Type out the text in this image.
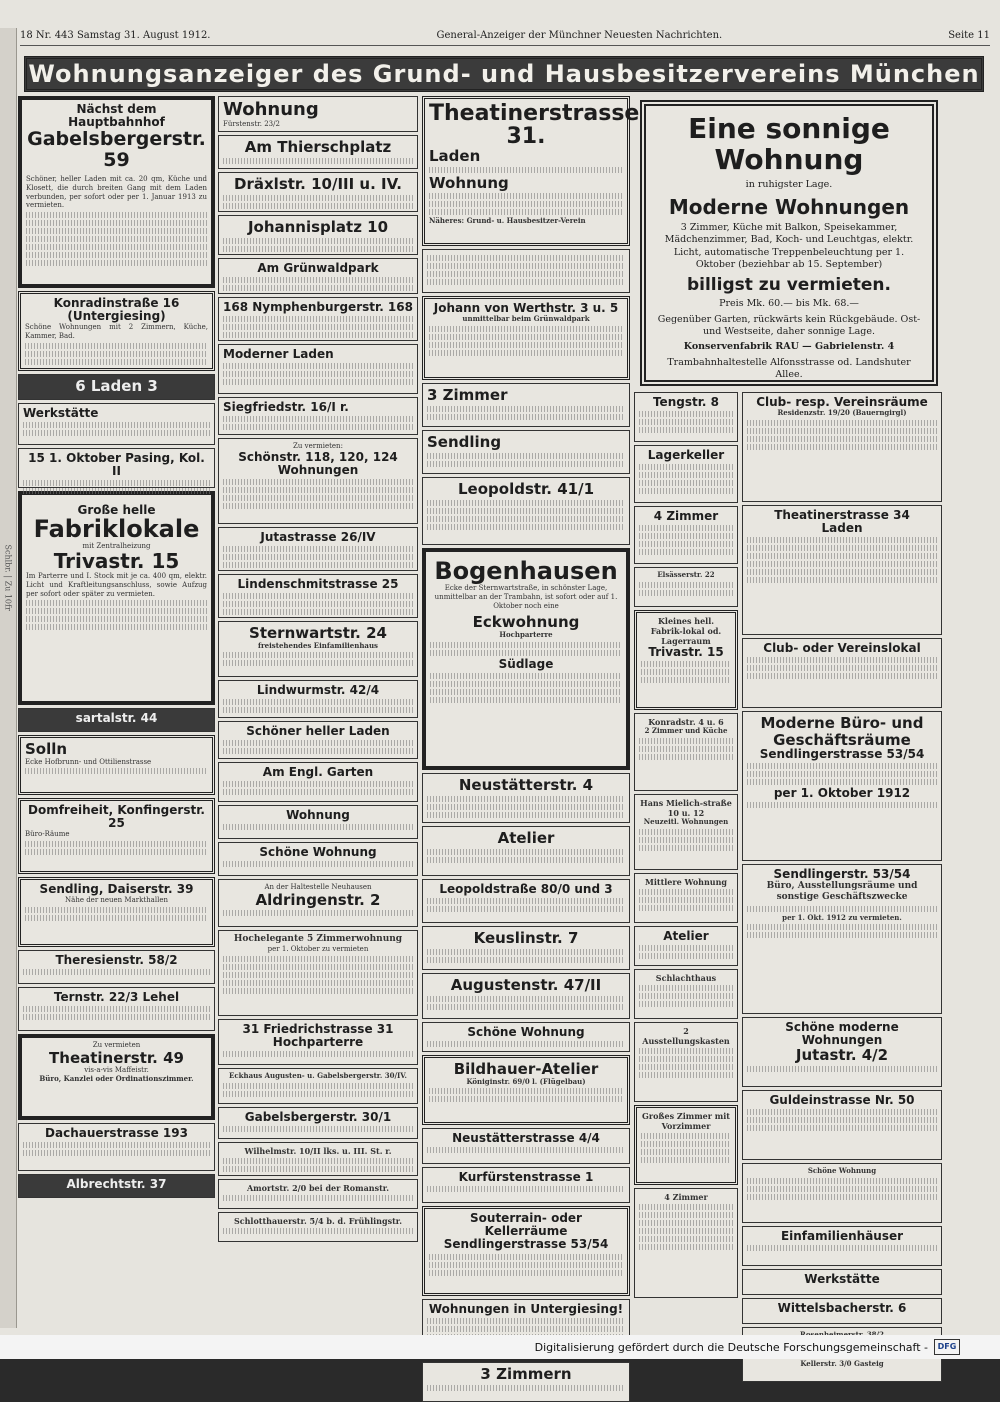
Schlbr. | Zu 10fr
18 Nr. 443 Samstag 31. August 1912.	General-Anzeiger der Münchner Neuesten Nachrichten.	Seite 11
Wohnungsanzeiger des Grund- und Hausbesitzervereins München
Nächst dem Hauptbahnhof
Gabelsbergerstr. 59
Schöner, heller Laden mit ca. 20 qm, Küche und Klosett, die durch breiten Gang mit dem Laden verbunden, per sofort oder per 1. Januar 1913 zu vermieten.
Konradinstraße 16 (Untergiesing)
Schöne Wohnungen mit 2 Zimmern, Küche, Kammer, Bad.
6 Laden 3
Werkstätte
15 1. Oktober Pasing, Kol. II
Große helle
Fabriklokale
mit Zentralheizung
Trivastr. 15
Im Parterre und I. Stock mit je ca. 400 qm, elektr. Licht und Kraftleitungsanschluss, sowie Aufzug per sofort oder später zu vermieten.
sartalstr. 44
Solln
Ecke Hofbrunn- und Ottilienstrasse
Domfreiheit, Konfingerstr. 25
Büro-Räume
Sendling, Daiserstr. 39
Nähe der neuen Markthallen
Theresienstr. 58/2
Ternstr. 22/3 Lehel
Zu vermieten
Theatinerstr. 49
vis-a-vis Maffeistr.
Büro, Kanzlei oder Ordinationszimmer.
Dachauerstrasse 193
Albrechtstr. 37
Wohnung
Fürstenstr. 23/2
Am Thierschplatz
Dräxlstr. 10/III u. IV.
Johannisplatz 10
Am Grünwaldpark
168 Nymphenburgerstr. 168
Moderner Laden
Siegfriedstr. 16/I r.
Zu vermieten:
Schönstr. 118, 120, 124
Wohnungen
Jutastrasse 26/IV
Lindenschmitstrasse 25
Sternwartstr. 24
freistehendes Einfamilienhaus
Lindwurmstr. 42/4
Schöner heller Laden
Am Engl. Garten
Wohnung
Schöne Wohnung
An der Haltestelle Neuhausen
Aldringenstr. 2
Hochelegante 5 Zimmerwohnung
per 1. Oktober zu vermieten
31 Friedrichstrasse 31
Hochparterre
Eckhaus Augusten- u. Gabelsbergerstr. 30/IV.
Gabelsbergerstr. 30/1
Wilhelmstr. 10/II lks. u. III. St. r.
Amortstr. 2/0 bei der Romanstr.
Schlotthauerstr. 5/4 b. d. Frühlingstr.
Theatinerstrasse 31.
Laden
Wohnung
Näheres: Grund- u. Hausbesitzer-Verein
Johann von Werthstr. 3 u. 5
unmittelbar beim Grünwaldpark
3 Zimmer
Sendling
Leopoldstr. 41/1
Bogenhausen
Ecke der Sternwartstraße, in schönster Lage, unmittelbar an der Trambahn, ist sofort oder auf 1. Oktober noch eine
Eckwohnung
Hochparterre
Südlage
Neustätterstr. 4
Atelier
Leopoldstraße 80/0 und 3
Keuslinstr. 7
Augustenstr. 47/II
Schöne Wohnung
Bildhauer-Atelier
Königinstr. 69/0 l. (Flügelbau)
Neustätterstrasse 4/4
Kurfürstenstrasse 1
Souterrain- oder Kellerräume
Sendlingerstrasse 53/54
Wohnungen in Untergiesing!
3 Zimmern
Eine sonnige Wohnung
in ruhigster Lage.
Moderne Wohnungen
3 Zimmer, Küche mit Balkon, Speisekammer, Mädchenzimmer, Bad, Koch- und Leuchtgas, elektr. Licht, automatische Treppenbeleuchtung per 1. Oktober (beziehbar ab 15. September)
billigst zu vermieten.
Preis Mk. 60.— bis Mk. 68.—
Gegenüber Garten, rückwärts kein Rückgebäude. Ost- und Westseite, daher sonnige Lage.
Konservenfabrik RAU — Gabrielenstr. 4
Trambahnhaltestelle Alfonsstrasse od. Landshuter Allee.
Tengstr. 8
Lagerkeller
4 Zimmer
Elsässerstr. 22
Kleines hell. Fabrik-lokal od. Lagerraum
Trivastr. 15
Konradstr. 4 u. 6
2 Zimmer und Küche
Hans Mielich-straße 10 u. 12
Neuzeitl. Wohnungen
Mittlere Wohnung
Atelier
Schlachthaus
2 Ausstellungskasten
Großes Zimmer mit Vorzimmer
4 Zimmer
Club- resp. Vereinsräume
Residenzstr. 19/20 (Bauerngirgl)
Theatinerstrasse 34
Laden
Club- oder Vereinslokal
Moderne Büro- und Geschäftsräume
Sendlingerstrasse 53/54
per 1. Oktober 1912
Sendlingerstr. 53/54
Büro, Ausstellungsräume und sonstige Geschäftszwecke
per 1. Okt. 1912 zu vermieten.
Schöne moderne Wohnungen
Jutastr. 4/2
Guldeinstrasse Nr. 50
Schöne Wohnung
Einfamilienhäuser
Werkstätte
Wittelsbacherstr. 6
Kellerstr. 3/0 Gasteig
Digitalisierung gefördert durch die Deutsche Forschungsgemeinschaft -	DFG
